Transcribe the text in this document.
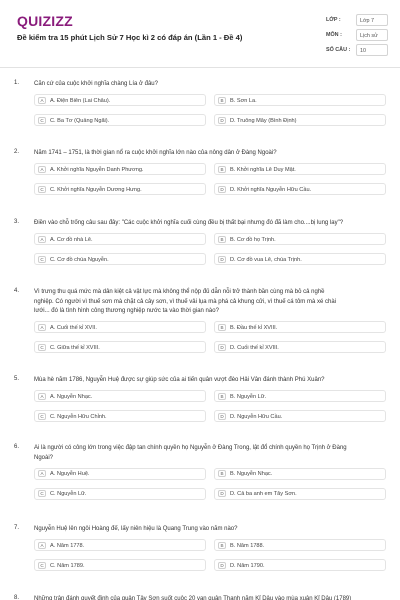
QUIZIZZ
Đề kiểm tra 15 phút Lịch Sử 7 Học kì 2 có đáp án (Lần 1 - Đề 4)
LỚP :	Lớp 7
MÔN :	Lịch sử
SỐ CÂU :	10
1. Căn cứ của cuộc khởi nghĩa chàng Lía ở đâu?
A	A. Điện Biên (Lai Châu).	B	B. Sơn La.
C	C. Ba Tơ (Quảng Ngãi).	D	D. Truông Mây (Bình Định)
2. Năm 1741 – 1751, là thời gian nổ ra cuộc khởi nghĩa lớn nào của nông dân ở Đàng Ngoài?
A	A. Khởi nghĩa Nguyễn Danh Phương.	B	B. Khởi nghĩa Lê Duy Mật.
C	C. Khởi nghĩa Nguyễn Dương Hưng.	D	D. Khởi nghĩa Nguyễn Hữu Cầu.
3. Điền vào chỗ trống câu sau đây: "Các cuộc khởi nghĩa cuối cùng đều bị thất bại nhưng đó đã làm cho....bị lung lay"?
A	A. Cơ đồ nhà Lê.	B	B. Cơ đồ họ Trịnh.
C	C. Cơ đồ chúa Nguyễn.	D	D. Cơ đồ vua Lê, chúa Trịnh.
4. Vì trưng thu quá mức mà dân kiệt cả vật lực mà không thể nộp đủ dẫn nỗi trở thành bần cùng mà bỏ cả nghề
nghiệp. Có người vì thuế sơn mà chặt cả cây sơn, vì thuế vải lụa mà phá cả khung cửi, vì thuế cá tôm mà xé chài
lưới... đó là tình hình công thương nghiệp nước ta vào thời gian nào?
A	A. Cuối thế kỉ XVII.	B	B. Đầu thế kỉ XVIII.
C	C. Giữa thế kỉ XVIII.	D	D. Cuối thế kỉ XVIII.
5. Mùa hè năm 1786, Nguyễn Huệ được sự giúp sức của ai tiến quân vượt đèo Hải Vân đánh thành Phú Xuân?
A	A. Nguyễn Nhạc.	B	B. Nguyễn Lữ.
C	C. Nguyễn Hữu Chỉnh.	D	D. Nguyễn Hữu Cầu.
6. Ai là người có công lớn trong việc đập tan chính quyền họ Nguyễn ở Đàng Trong, lật đổ chính quyền họ Trịnh ở Đàng
Ngoài?
A	A. Nguyễn Huệ.	B	B. Nguyễn Nhạc.
C	C. Nguyễn Lữ.	D	D. Cả ba anh em Tây Sơn.
7. Nguyễn Huệ lên ngôi Hoàng đế, lấy niên hiệu là Quang Trung vào năm nào?
A	A. Năm 1778.	B	B. Năm 1788.
C	C. Năm 1789.	D	D. Năm 1790.
8. Những trận đánh quyết định của quân Tây Sơn suốt cuộc 20 vạn quân Thanh năm Kỉ Dậu vào mùa xuân Kỉ Dậu (1789)
